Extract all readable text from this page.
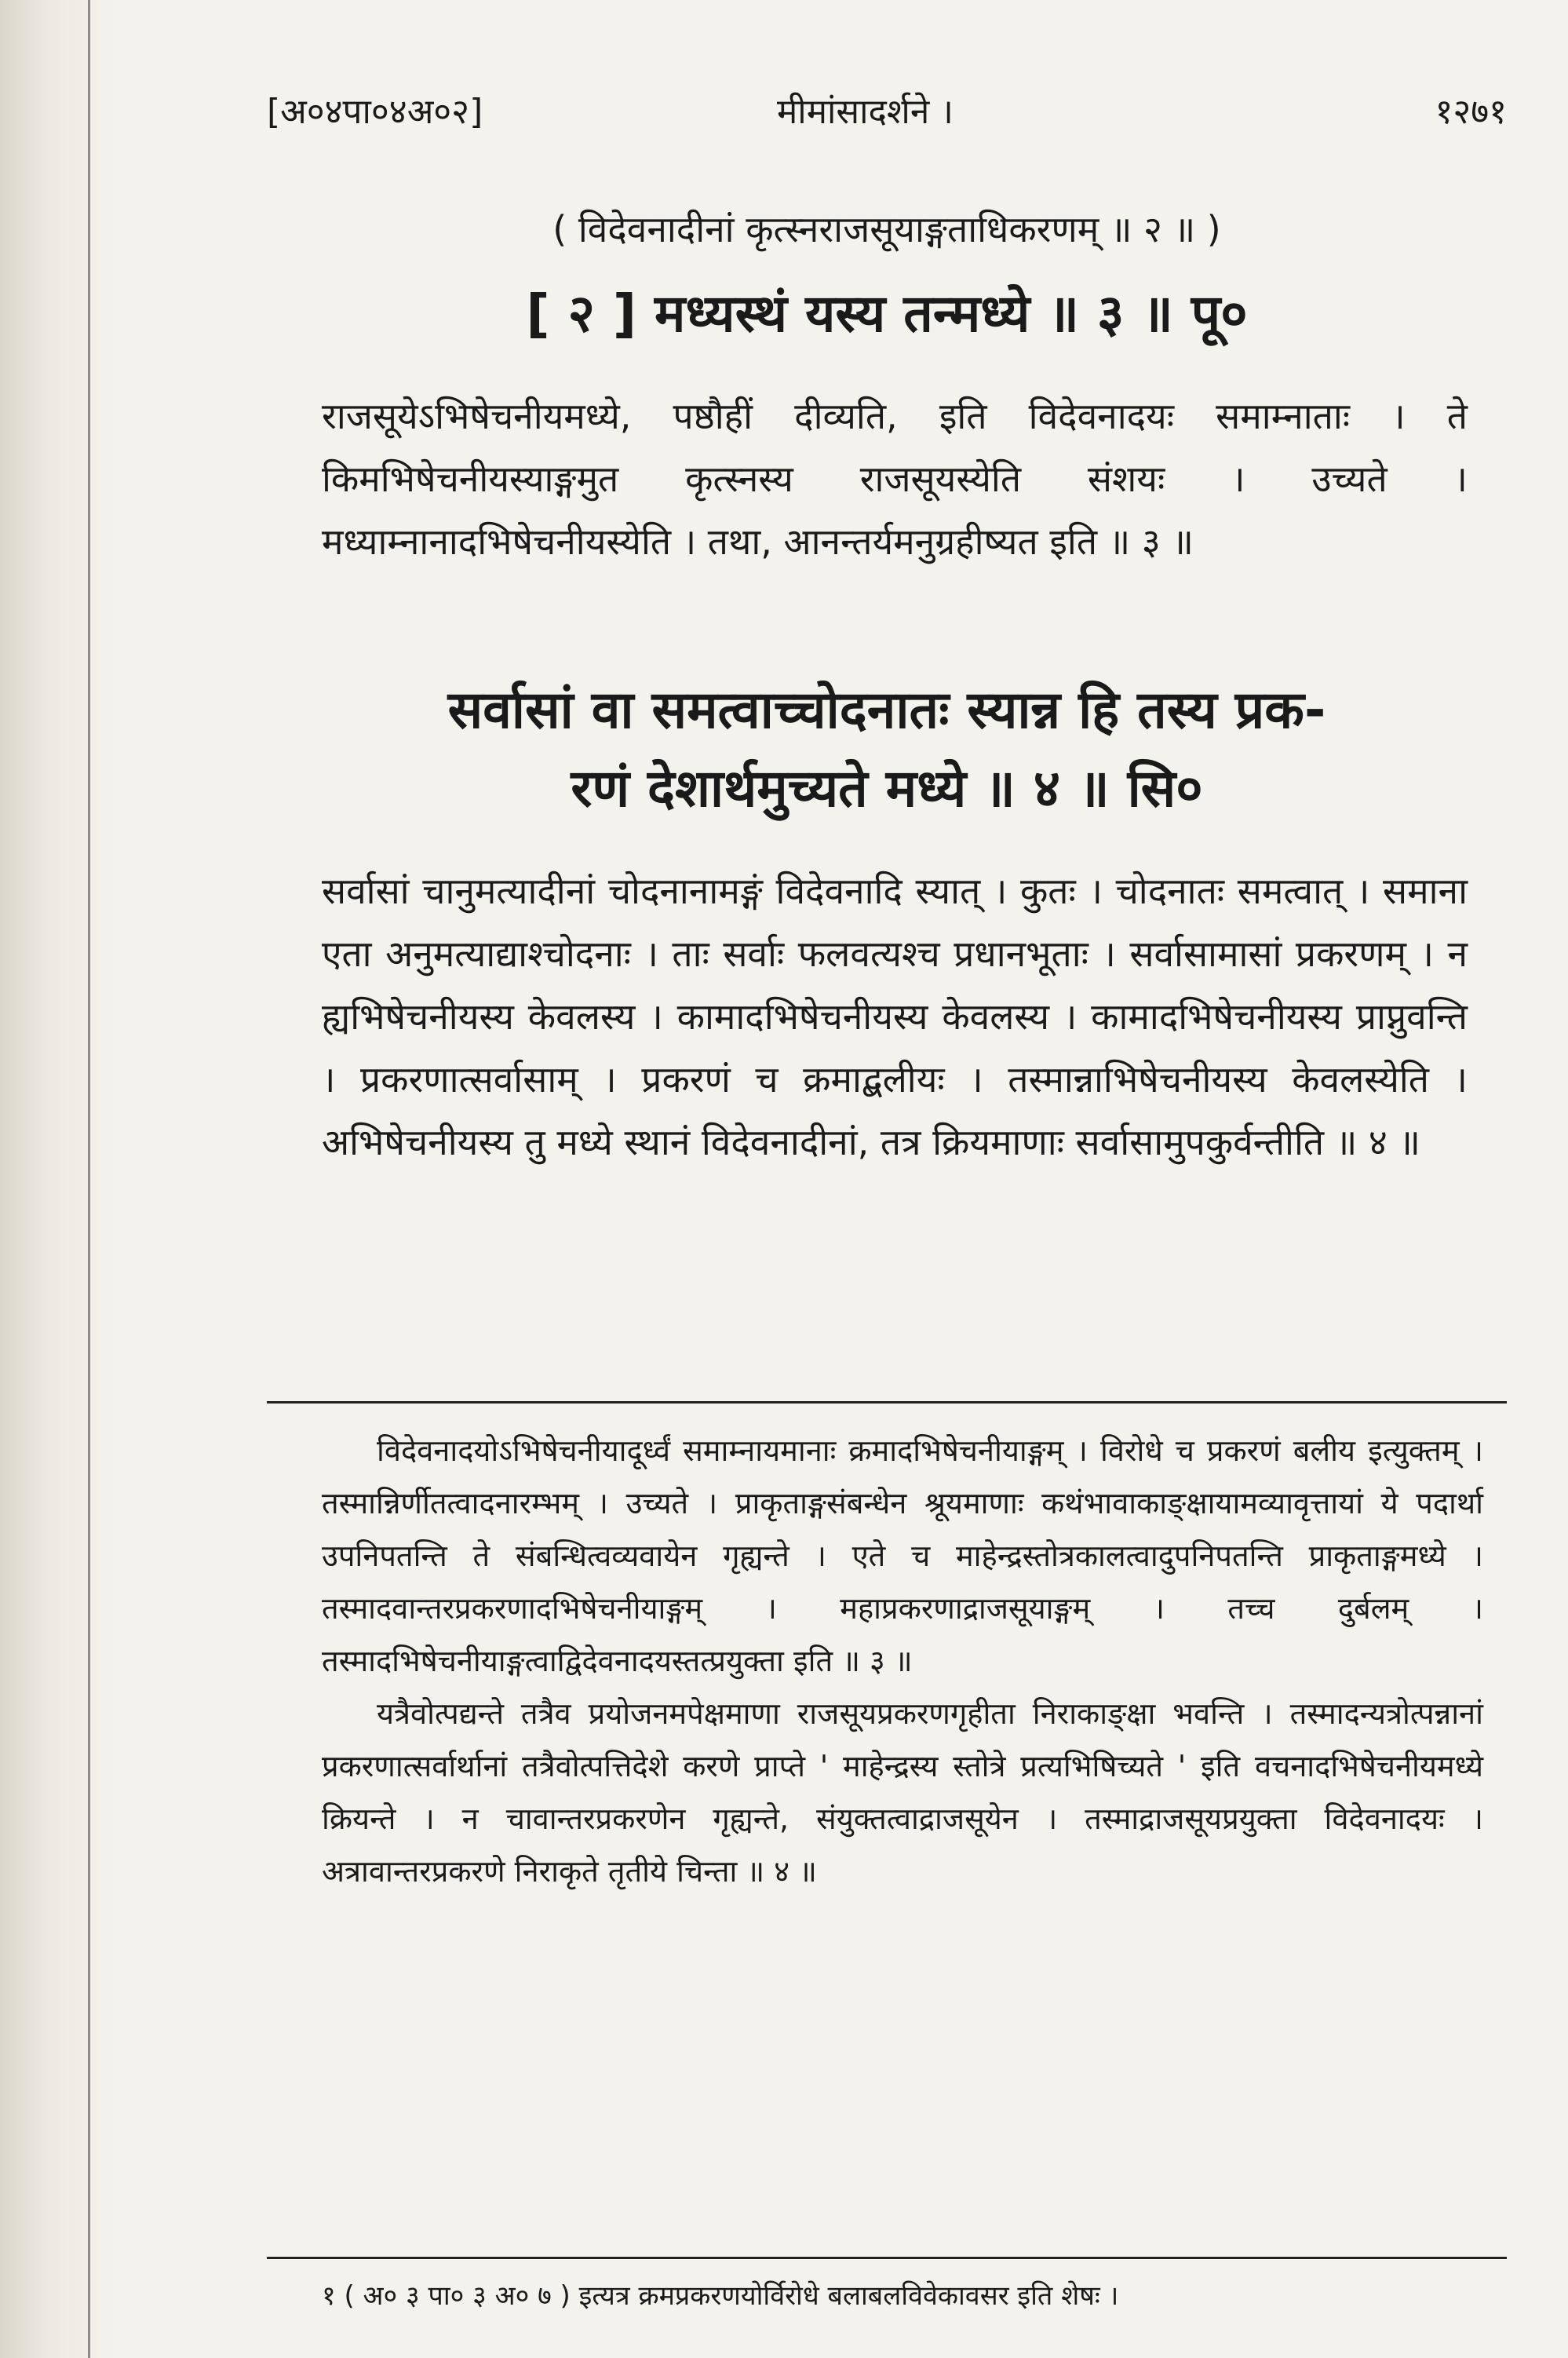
[अ०४पा०४अ०२]	मीमांसादर्शने ।	१२७१
( विदेवनादीनां कृत्स्नराजसूयाङ्गताधिकरणम् ॥ २ ॥ )
[ २ ] मध्यस्थं यस्य तन्मध्ये ॥ ३ ॥ पू०

राजसूयेऽभिषेचनीयमध्ये, पष्ठौहीं दीव्यति, इति विदेवनादयः समाम्नाताः । ते किमभिषेचनीयस्याङ्गमुत कृत्स्नस्य राजसूयस्येति संशयः । उच्यते । मध्याम्नानादभिषेचनीयस्येति । तथा, आनन्तर्यमनुग्रहीष्यत इति ॥ ३ ॥

सर्वासां वा समत्वाच्चोदनातः स्यान्न हि तस्य प्रक-
रणं देशार्थमुच्यते मध्ये ॥ ४ ॥ सि०

सर्वासां चानुमत्यादीनां चोदनानामङ्गं विदेवनादि स्यात् । कुतः । चोदनातः समत्वात् । समाना एता अनुमत्याद्याश्चोदनाः । ताः सर्वाः फलवत्यश्च प्रधानभूताः । सर्वासामासां प्रकरणम् । न ह्यभिषेचनीयस्य केवलस्य । कामादभिषेचनीयस्य केवलस्य । कामादभिषेचनीयस्य प्राप्नुवन्ति । प्रकरणात्सर्वासाम् । प्रकरणं च क्रमाद्बलीयः । तस्मान्नाभिषेचनीयस्य केवलस्येति । अभिषेचनीयस्य तु मध्ये स्थानं विदेवनादीनां, तत्र क्रियमाणाः सर्वासामुपकुर्वन्तीति ॥ ४ ॥

विदेवनादयोऽभिषेचनीयादूर्ध्वं समाम्नायमानाः क्रमादभिषेचनीयाङ्गम् । विरोधे च प्रकरणं बलीय इत्युक्तम् । तस्मान्निर्णीतत्वादनारम्भम् । उच्यते । प्राकृताङ्गसंबन्धेन श्रूयमाणाः कथंभावाकाङ्क्षायामव्यावृत्तायां ये पदार्था उपनिपतन्ति ते संबन्धित्वव्यवायेन गृह्यन्ते । एते च माहेन्द्रस्तोत्रकालत्वादुपनिपतन्ति प्राकृताङ्गमध्ये । तस्मादवान्तरप्रकरणादभिषेचनीयाङ्गम् । महाप्रकरणाद्राजसूयाङ्गम् । तच्च दुर्बलम् । तस्मादभिषेचनीयाङ्गत्वाद्विदेवनादयस्तत्प्रयुक्ता इति ॥ ३ ॥

यत्रैवोत्पद्यन्ते तत्रैव प्रयोजनमपेक्षमाणा राजसूयप्रकरणगृहीता निराकाङ्क्षा भवन्ति । तस्मादन्यत्रोत्पन्नानां प्रकरणात्सर्वार्थानां तत्रैवोत्पत्तिदेशे करणे प्राप्ते ' माहेन्द्रस्य स्तोत्रे प्रत्यभिषिच्यते ' इति वचनादभिषेचनीयमध्ये क्रियन्ते । न चावान्तरप्रकरणेन गृह्यन्ते, संयुक्तत्वाद्राजसूयेन । तस्माद्राजसूयप्रयुक्ता विदेवनादयः । अत्रावान्तरप्रकरणे निराकृते तृतीये चिन्ता ॥ ४ ॥

१ ( अ० ३ पा० ३ अ० ७ ) इत्यत्र क्रमप्रकरणयोर्विरोधे बलाबलविवेकावसर इति शेषः ।
